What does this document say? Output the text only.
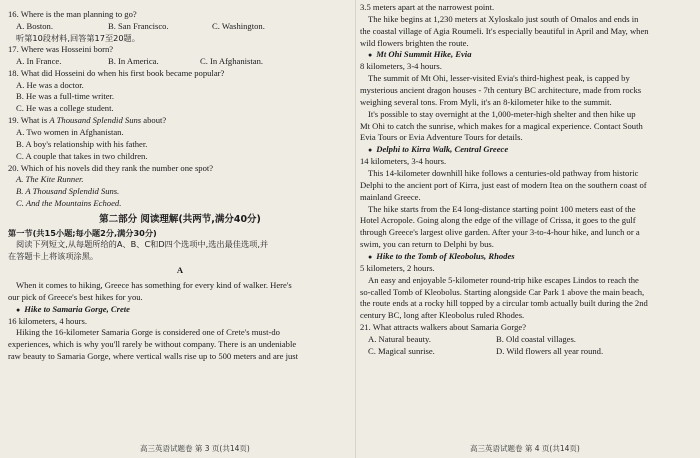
16. Where is the man planning to go?

A. Boston.	B. San Francisco.	C. Washington.

听第10段材料,回答第17至20题。

17. Where was Hosseini born?

A. In France.	B. In America.	C. In Afghanistan.

18. What did Hosseini do when his first book became popular?

A. He was a doctor.

B. He was a full-time writer.

C. He was a college student.

19. What is A Thousand Splendid Suns about?

A. Two women in Afghanistan.

B. A boy's relationship with his father.

C. A couple that takes in two children.

20. Which of his novels did they rank the number one spot?

A. The Kite Runner.

B. A Thousand Splendid Suns.

C. And the Mountains Echoed.

第二部分 阅读理解(共两节,满分40分)

第一节(共15小题;每小题2分,满分30分)

阅读下列短文,从每题所给的A、B、C和D四个选项中,选出最佳选项,并

在答题卡上将该项涂黑。

A

When it comes to hiking, Greece has something for every kind of walker. Here's

our pick of Greece's best hikes for you.

● Hike to Samaria Gorge, Crete

16 kilometers, 4 hours.

Hiking the 16-kilometer Samaria Gorge is considered one of Crete's must-do

experiences, which is why you'll rarely be without company. There is an undeniable

raw beauty to Samaria Gorge, where vertical walls rise up to 500 meters and are just

高三英语试题卷 第 3 页(共14页)

3.5 meters apart at the narrowest point.

The hike begins at 1,230 meters at Xyloskalo just south of Omalos and ends in

the coastal village of Agia Roumeli. It's especially beautiful in April and May, when

wild flowers brighten the route.

● Mt Ohi Summit Hike, Evia

8 kilometers, 3-4 hours.

The summit of Mt Ohi, lesser-visited Evia's third-highest peak, is capped by

mysterious ancient dragon houses - 7th century BC architecture, made from rocks

weighing several tons. From Myli, it's an 8-kilometer hike to the summit.

It's possible to stay overnight at the 1,000-meter-high shelter and then hike up

Mt Ohi to catch the sunrise, which makes for a magical experience. Contact South

Evia Tours or Evia Adventure Tours for details.

● Delphi to Kirra Walk, Central Greece

14 kilometers, 3-4 hours.

This 14-kilometer downhill hike follows a centuries-old pathway from historic

Delphi to the ancient port of Kirra, just east of modern Itea on the southern coast of

mainland Greece.

The hike starts from the E4 long-distance starting point 100 meters east of the

Hotel Acropole. Going along the edge of the village of Crissa, it goes to the gulf

through Greece's largest olive garden. After your 3-to-4-hour hike, and lunch or a

swim, you can return to Delphi by bus.

● Hike to the Tomb of Kleobolus, Rhodes

5 kilometers, 2 hours.

An easy and enjoyable 5-kilometer round-trip hike escapes Lindos to reach the

so-called Tomb of Kleobolus. Starting alongside Car Park 1 above the main beach,

the route ends at a rocky hill topped by a circular tomb actually built during the 2nd

century BC, long after Kleobolus ruled Rhodes.

21. What attracts walkers about Samaria Gorge?

A. Natural beauty.	B. Old coastal villages.
C. Magical sunrise.	D. Wild flowers all year round.
高三英语试题卷 第 4 页(共14页)
